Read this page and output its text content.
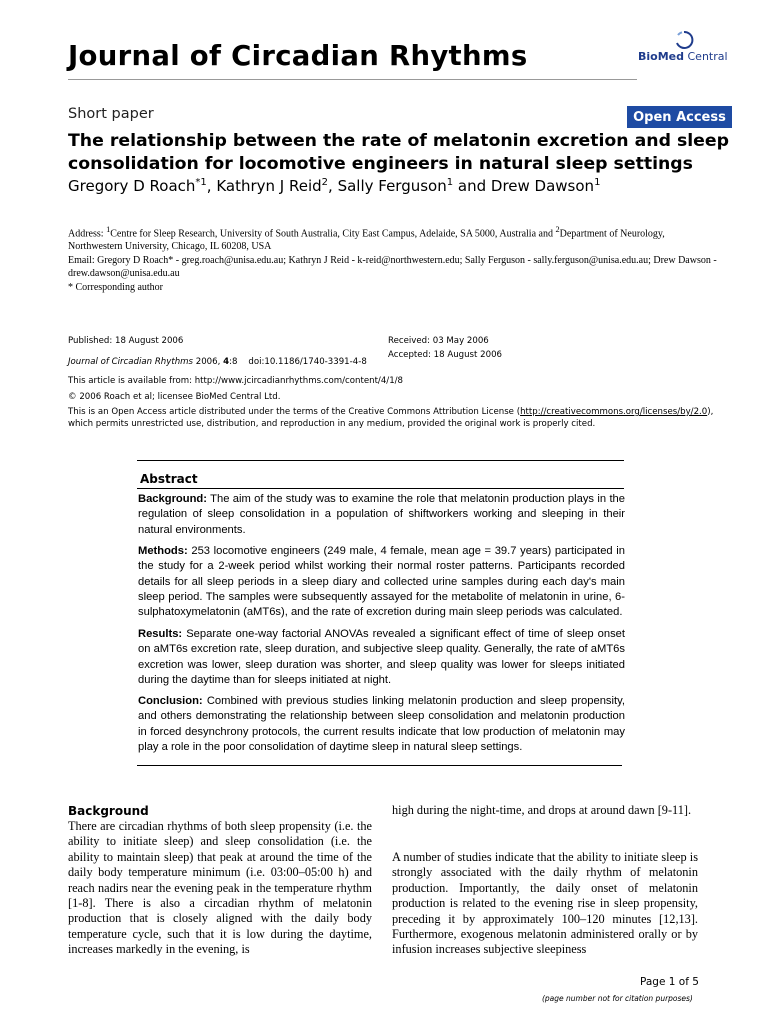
Journal of Circadian Rhythms	BioMed Central
Short paper	Open Access
The relationship between the rate of melatonin excretion and sleep consolidation for locomotive engineers in natural sleep settings
Gregory D Roach$^{*1}$, Kathryn J Reid$^2$, Sally Ferguson$^1$ and Drew Dawson$^1$
Address: $^1$Centre for Sleep Research, University of South Australia, City East Campus, Adelaide, SA 5000, Australia and $^2$Department of Neurology, Northwestern University, Chicago, IL 60208, USA
Email: Gregory D Roach* - greg.roach@unisa.edu.au; Kathryn J Reid - k-reid@northwestern.edu; Sally Ferguson - sally.ferguson@unisa.edu.au; Drew Dawson - drew.dawson@unisa.edu.au
* Corresponding author
Published: 18 August 2006
Journal of Circadian Rhythms 2006, 4:8 doi:10.1186/1740-3391-4-8
Received: 03 May 2006
Accepted: 18 August 2006
This article is available from: http://www.jcircadianrhythms.com/content/4/1/8
© 2006 Roach et al; licensee BioMed Central Ltd.
This is an Open Access article distributed under the terms of the Creative Commons Attribution License (http://creativecommons.org/licenses/by/2.0),
which permits unrestricted use, distribution, and reproduction in any medium, provided the original work is properly cited.
Abstract
Background: The aim of the study was to examine the role that melatonin production plays in the regulation of sleep consolidation in a population of shiftworkers working and sleeping in their natural environments.
Methods: 253 locomotive engineers (249 male, 4 female, mean age = 39.7 years) participated in the study for a 2-week period whilst working their normal roster patterns. Participants recorded details for all sleep periods in a sleep diary and collected urine samples during each day's main sleep period. The samples were subsequently assayed for the metabolite of melatonin in urine, 6-sulphatoxymelatonin (aMT6s), and the rate of excretion during main sleep periods was calculated.
Results: Separate one-way factorial ANOVAs revealed a significant effect of time of sleep onset on aMT6s excretion rate, sleep duration, and subjective sleep quality. Generally, the rate of aMT6s excretion was lower, sleep duration was shorter, and sleep quality was lower for sleeps initiated during the daytime than for sleeps initiated at night.
Conclusion: Combined with previous studies linking melatonin production and sleep propensity, and others demonstrating the relationship between sleep consolidation and melatonin production in forced desynchrony protocols, the current results indicate that low production of melatonin may play a role in the poor consolidation of daytime sleep in natural sleep settings.
Background
There are circadian rhythms of both sleep propensity (i.e. the ability to initiate sleep) and sleep consolidation (i.e. the ability to maintain sleep) that peak at around the time of the daily body temperature minimum (i.e. 03:00–05:00 h) and reach nadirs near the evening peak in the temperature rhythm [1-8]. There is also a circadian rhythm of melatonin production that is closely aligned with the daily body temperature cycle, such that it is low during the daytime, increases markedly in the evening, is
high during the night-time, and drops at around dawn [9-11].
A number of studies indicate that the ability to initiate sleep is strongly associated with the daily rhythm of melatonin production. Importantly, the daily onset of melatonin production is related to the evening rise in sleep propensity, preceding it by approximately 100–120 minutes [12,13]. Furthermore, exogenous melatonin administered orally or by infusion increases subjective sleepiness
Page 1 of 5
(page number not for citation purposes)
